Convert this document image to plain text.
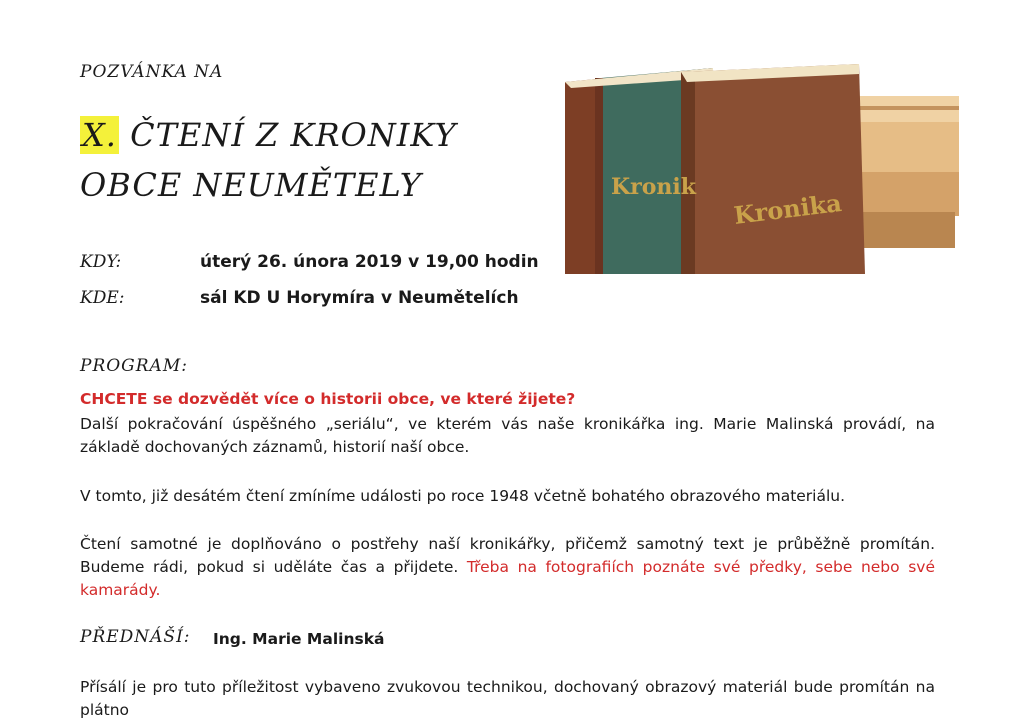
POZVÁNKA NA
X. ČTENÍ Z KRONIKY
OBCE NEUMĚTELY	Kronik
Kronika
KDY:	úterý 26. února 2019 v 19,00 hodin
KDE:	sál KD U Horymíra v Neumětelích
PROGRAM:
CHCETE se dozvědět více o historii obce, ve které žijete?
Další pokračování úspěšného „seriálu“, ve kterém vás naše kronikářka ing. Marie Malinská provádí, na základě dochovaných záznamů, historií naší obce.
V tomto, již desátém čtení zmíníme události po roce 1948 včetně bohatého obrazového materiálu.
Čtení samotné je doplňováno o postřehy naší kronikářky, přičemž samotný text je průběžně promítán. Budeme rádi, pokud si uděláte čas a přijdete. Třeba na fotografiích poznáte své předky, sebe nebo své kamarády.
PŘEDNÁŠÍ: Ing. Marie Malinská
Přísálí je pro tuto příležitost vybaveno zvukovou technikou, dochovaný obrazový materiál bude promítán na plátno
